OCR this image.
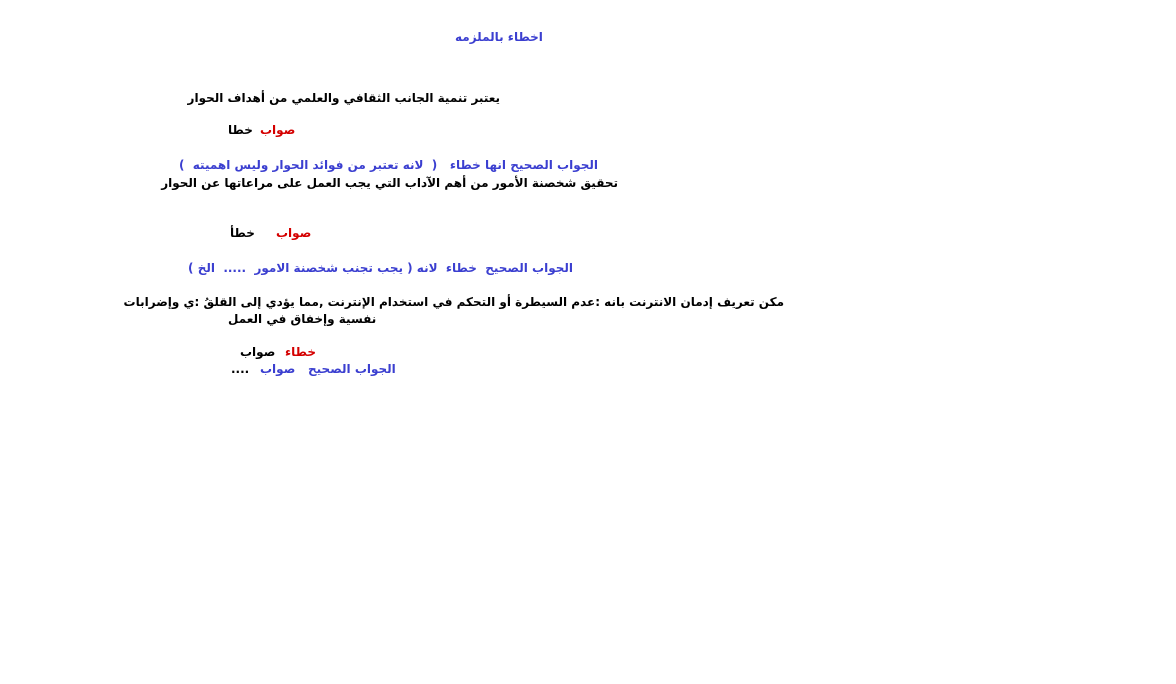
اخطاء بالملزمه
يعتبر تنمية الجانب الثقافي والعلمي من أهداف الحوار
صواب
خطا
الجواب الصحيح انها خطاء   (  لانه تعتبر من فوائد الحوار وليس اهميته  )
تحقيق شخصنة الأمور من أهم الآداب التي يجب العمل على مراعاتها عن الحوار
صواب
خطأ
الجواب الصحيح  خطاء  لانه ( يجب تجنب شخصنة الامور  .....  الخ )
مكن تعريف إدمان الانترنت بانه :عدم السيطرة أو التحكم في استخدام الإنترنت ,مما يؤدي إلى القلقُ :ي وإضرابات
نفسية وإخفاق في العمل
خطاء
صواب
الجواب الصحيح
صواب
....
